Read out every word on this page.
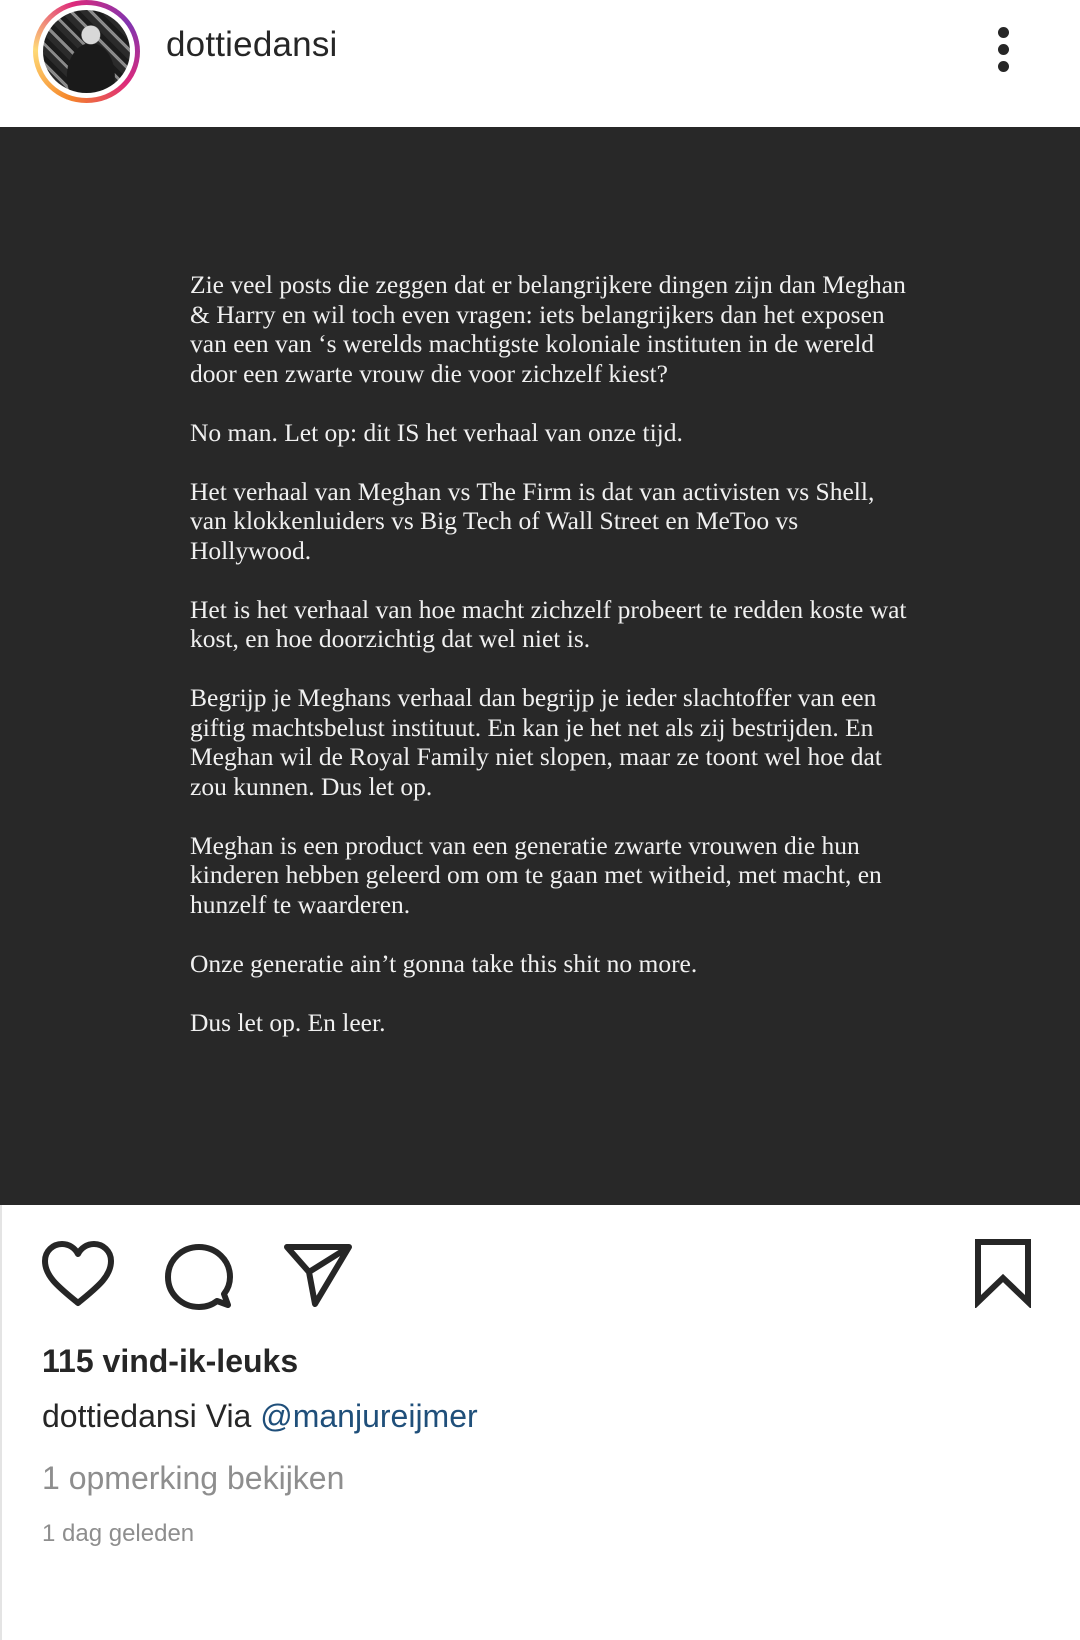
dottiedansi

Zie veel posts die zeggen dat er belangrijkere dingen zijn dan Meghan & Harry en wil toch even vragen: iets belangrijkers dan het exposen van een van ‘s werelds machtigste koloniale instituten in de wereld door een zwarte vrouw die voor zichzelf kiest?

No man. Let op: dit IS het verhaal van onze tijd.

Het verhaal van Meghan vs The Firm is dat van activisten vs Shell, van klokkenluiders vs Big Tech of Wall Street en MeToo vs Hollywood.

Het is het verhaal van hoe macht zichzelf probeert te redden koste wat kost, en hoe doorzichtig dat wel niet is.

Begrijp je Meghans verhaal dan begrijp je ieder slachtoffer van een giftig machtsbelust instituut. En kan je het net als zij bestrijden. En Meghan wil de Royal Family niet slopen, maar ze toont wel hoe dat zou kunnen. Dus let op.

Meghan is een product van een generatie zwarte vrouwen die hun kinderen hebben geleerd om om te gaan met witheid, met macht, en hunzelf te waarderen.

Onze generatie ain’t gonna take this shit no more.

Dus let op. En leer.

115 vind-ik-leuks
dottiedansi Via @manjureijmer
1 opmerking bekijken
1 dag geleden
